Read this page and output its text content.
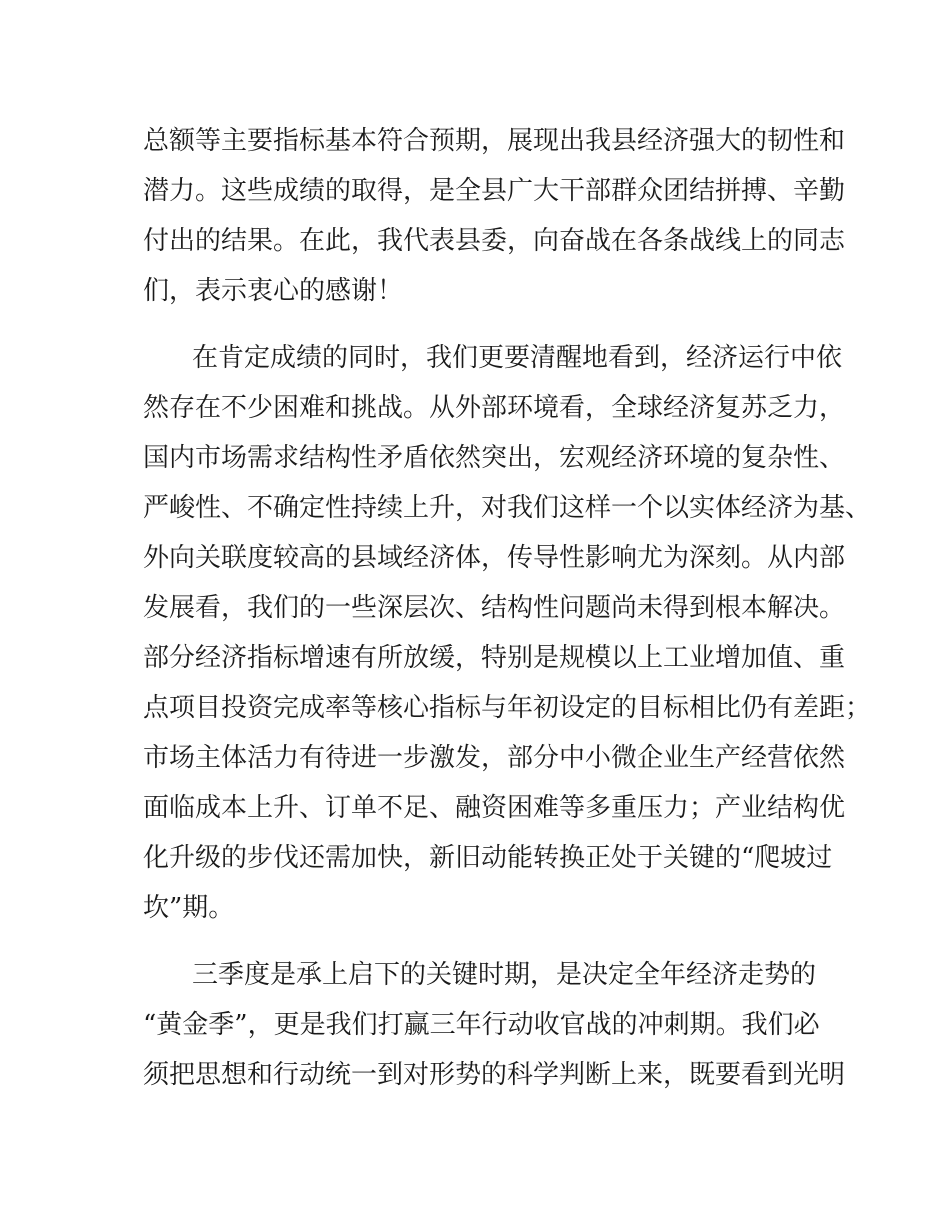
总额等主要指标基本符合预期，展现出我县经济强大的韧性和
潜力。这些成绩的取得，是全县广大干部群众团结拼搏、辛勤
付出的结果。在此，我代表县委，向奋战在各条战线上的同志
们，表示衷心的感谢！
在肯定成绩的同时，我们更要清醒地看到，经济运行中依
然存在不少困难和挑战。从外部环境看，全球经济复苏乏力，
国内市场需求结构性矛盾依然突出，宏观经济环境的复杂性、
严峻性、不确定性持续上升，对我们这样一个以实体经济为基、
外向关联度较高的县域经济体，传导性影响尤为深刻。从内部
发展看，我们的一些深层次、结构性问题尚未得到根本解决。
部分经济指标增速有所放缓，特别是规模以上工业增加值、重
点项目投资完成率等核心指标与年初设定的目标相比仍有差距；
市场主体活力有待进一步激发，部分中小微企业生产经营依然
面临成本上升、订单不足、融资困难等多重压力；产业结构优
化升级的步伐还需加快，新旧动能转换正处于关键的“爬坡过
坎”期。
三季度是承上启下的关键时期，是决定全年经济走势的
“黄金季”，更是我们打赢三年行动收官战的冲刺期。我们必
须把思想和行动统一到对形势的科学判断上来，既要看到光明
